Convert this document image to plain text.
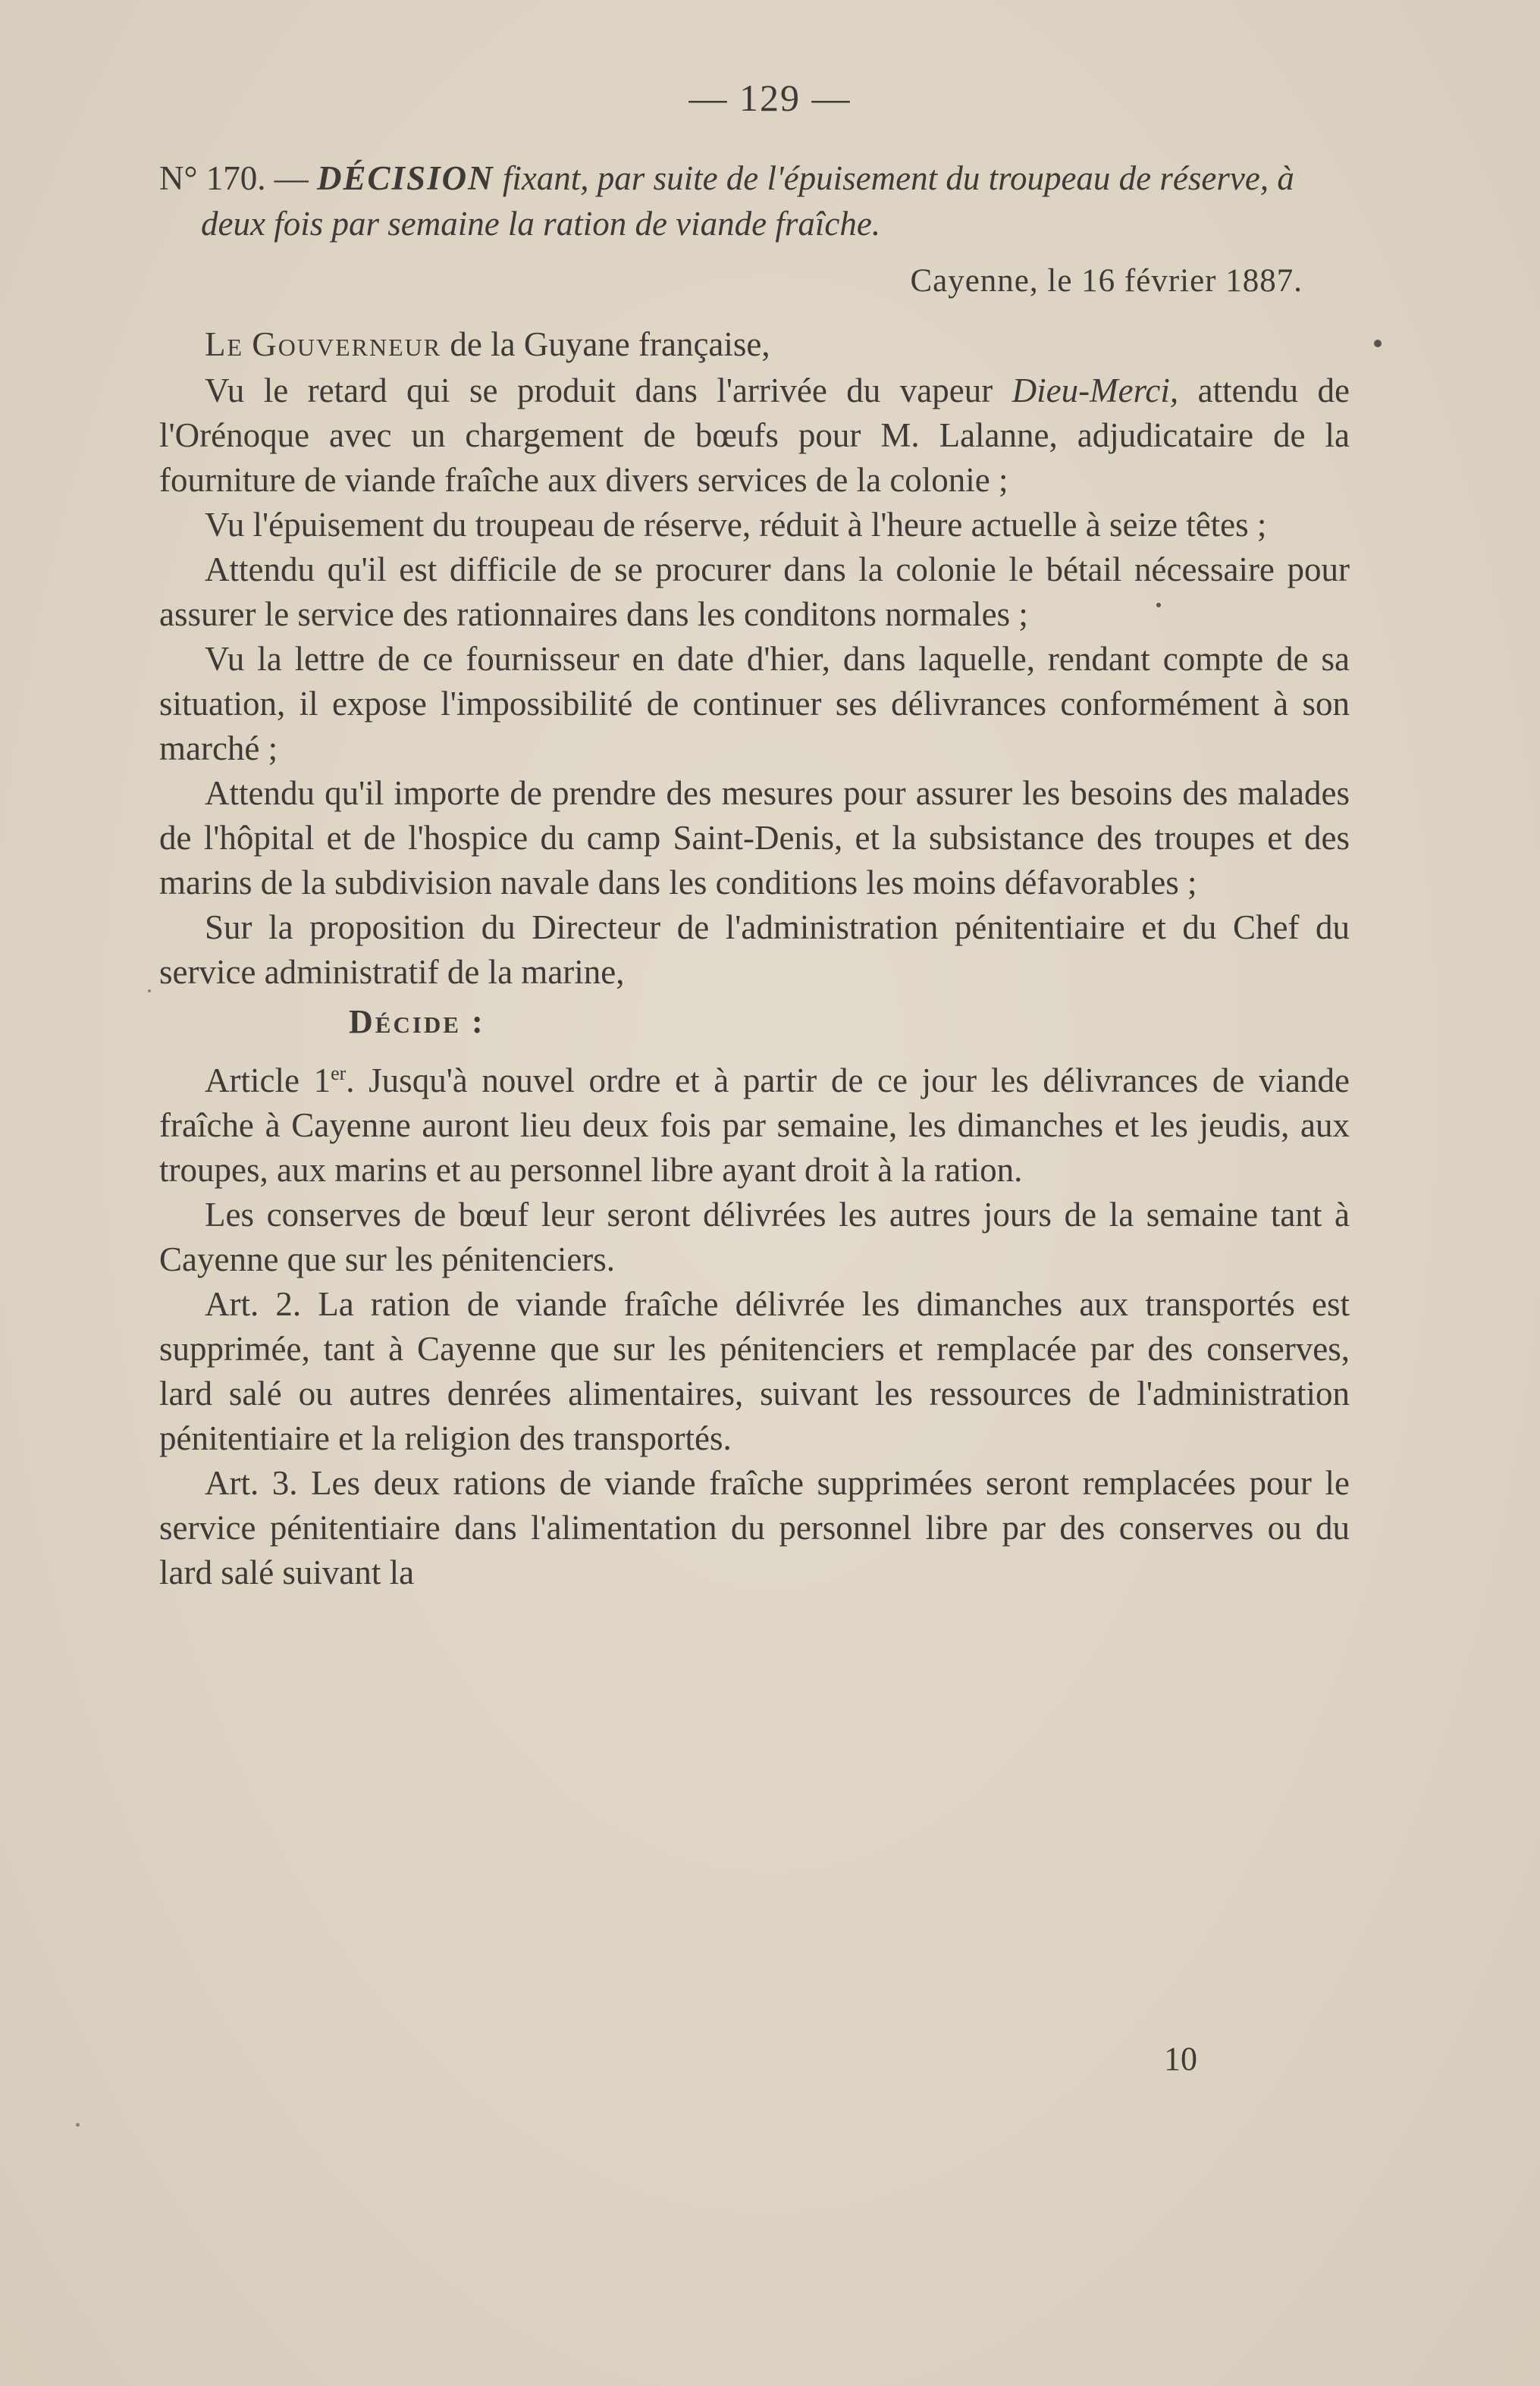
— 129 —

N° 170. — DÉCISION fixant, par suite de l'épuisement du troupeau de réserve, à deux fois par semaine la ration de viande fraîche.

Cayenne, le 16 février 1887.

Le Gouverneur de la Guyane française,

Vu le retard qui se produit dans l'arrivée du vapeur Dieu-Merci, attendu de l'Orénoque avec un chargement de bœufs pour M. Lalanne, adjudicataire de la fourniture de viande fraîche aux divers services de la colonie ;

Vu l'épuisement du troupeau de réserve, réduit à l'heure actuelle à seize têtes ;

Attendu qu'il est difficile de se procurer dans la colonie le bétail nécessaire pour assurer le service des rationnaires dans les conditons normales ;

Vu la lettre de ce fournisseur en date d'hier, dans laquelle, rendant compte de sa situation, il expose l'impossibilité de continuer ses délivrances conformément à son marché ;

Attendu qu'il importe de prendre des mesures pour assurer les besoins des malades de l'hôpital et de l'hospice du camp Saint-Denis, et la subsistance des troupes et des marins de la subdivision navale dans les conditions les moins défavorables ;

Sur la proposition du Directeur de l'administration pénitentiaire et du Chef du service administratif de la marine,

Décide :

Article 1er. Jusqu'à nouvel ordre et à partir de ce jour les délivrances de viande fraîche à Cayenne auront lieu deux fois par semaine, les dimanches et les jeudis, aux troupes, aux marins et au personnel libre ayant droit à la ration.

Les conserves de bœuf leur seront délivrées les autres jours de la semaine tant à Cayenne que sur les pénitenciers.

Art. 2. La ration de viande fraîche délivrée les dimanches aux transportés est supprimée, tant à Cayenne que sur les pénitenciers et remplacée par des conserves, lard salé ou autres denrées alimentaires, suivant les ressources de l'administration pénitentiaire et la religion des transportés.

Art. 3. Les deux rations de viande fraîche supprimées seront remplacées pour le service pénitentiaire dans l'alimentation du personnel libre par des conserves ou du lard salé suivant la

10
